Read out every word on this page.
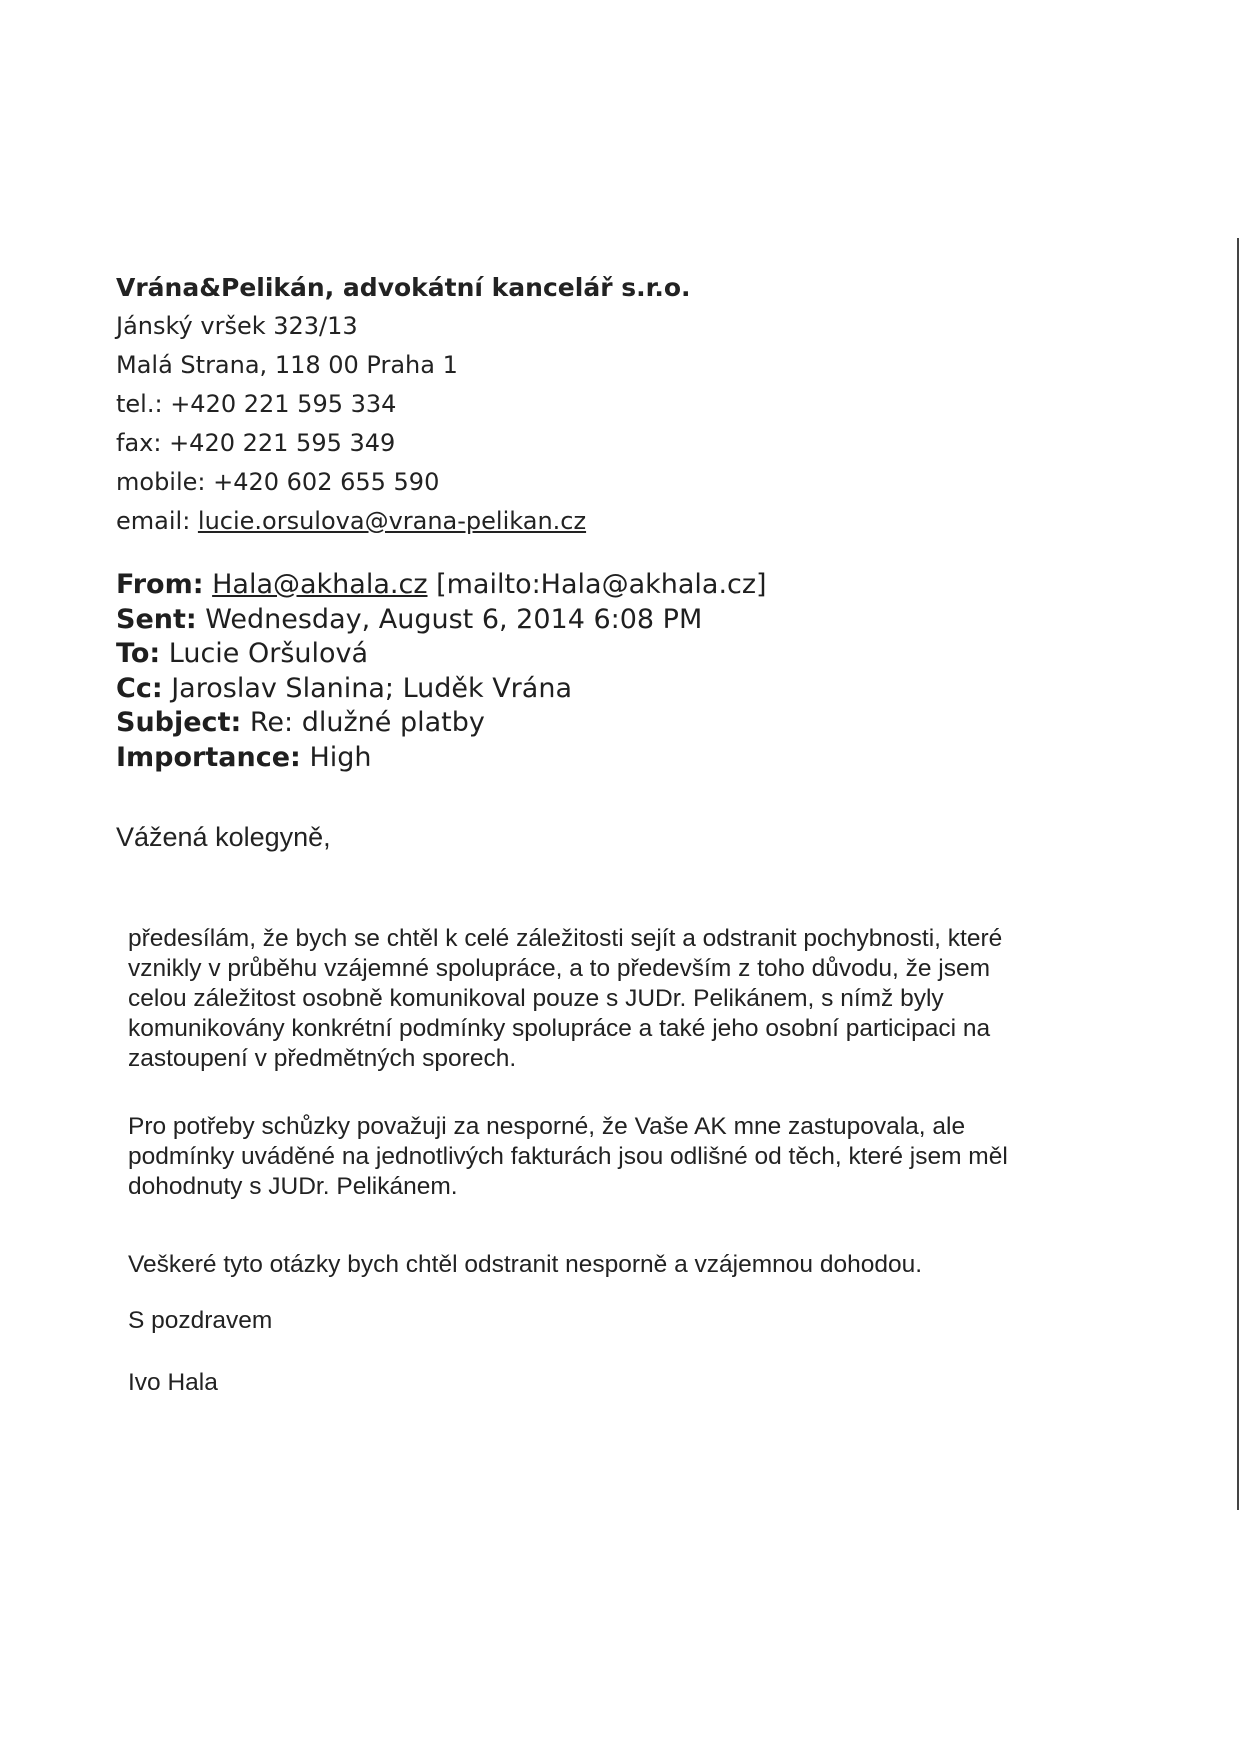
Vrána&Pelikán, advokátní kancelář s.r.o.
Jánský vršek 323/13
Malá Strana, 118 00 Praha 1
tel.: +420 221 595 334
fax: +420 221 595 349
mobile: +420 602 655 590
email: lucie.orsulova@vrana-pelikan.cz
From: Hala@akhala.cz [mailto:Hala@akhala.cz]
Sent: Wednesday, August 6, 2014 6:08 PM
To: Lucie Oršulová
Cc: Jaroslav Slanina; Luděk Vrána
Subject: Re: dlužné platby
Importance: High
Vážená kolegyně,
předesílám, že bych se chtěl k celé záležitosti sejít a odstranit pochybnosti, které
vznikly v průběhu vzájemné spolupráce, a to především z toho důvodu, že jsem
celou záležitost osobně komunikoval pouze s JUDr. Pelikánem, s nímž byly
komunikovány konkrétní podmínky spolupráce a také jeho osobní participaci na
zastoupení v předmětných sporech.
Pro potřeby schůzky považuji za nesporné, že Vaše AK mne zastupovala, ale
podmínky uváděné na jednotlivých fakturách jsou odlišné od těch, které jsem měl
dohodnuty s JUDr. Pelikánem.
Veškeré tyto otázky bych chtěl odstranit nesporně a vzájemnou dohodou.
S pozdravem
Ivo Hala
